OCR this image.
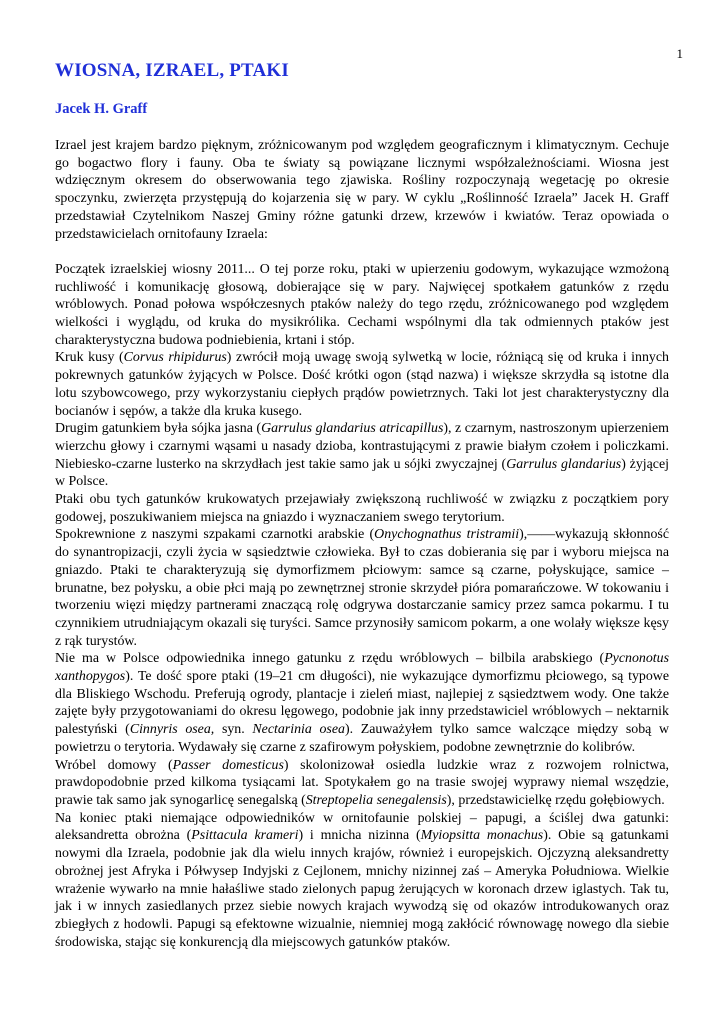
1
WIOSNA, IZRAEL, PTAKI
Jacek H. Graff

Izrael jest krajem bardzo pięknym, zróżnicowanym pod względem geograficznym i klimatycznym. Cechuje go bogactwo flory i fauny. Oba te światy są powiązane licznymi współzależnościami. Wiosna jest wdzięcznym okresem do obserwowania tego zjawiska. Rośliny rozpoczynają wegetację po okresie spoczynku, zwierzęta przystępują do kojarzenia się w pary. W cyklu „Roślinność Izraela” Jacek H. Graff przedstawiał Czytelnikom Naszej Gminy różne gatunki drzew, krzewów i kwiatów. Teraz opowiada o przedstawicielach ornitofauny Izraela:

Początek izraelskiej wiosny 2011... O tej porze roku, ptaki w upierzeniu godowym, wykazujące wzmożoną ruchliwość i komunikację głosową, dobierające się w pary. Najwięcej spotkałem gatunków z rzędu wróblowych. Ponad połowa współczesnych ptaków należy do tego rzędu, zróżnicowanego pod względem wielkości i wyglądu, od kruka do mysikrólika. Cechami wspólnymi dla tak odmiennych ptaków jest charakterystyczna budowa podniebienia, krtani i stóp.

Kruk kusy (Corvus rhipidurus) zwrócił moją uwagę swoją sylwetką w locie, różniącą się od kruka i innych pokrewnych gatunków żyjących w Polsce. Dość krótki ogon (stąd nazwa) i większe skrzydła są istotne dla lotu szybowcowego, przy wykorzystaniu ciepłych prądów powietrznych. Taki lot jest charakterystyczny dla bocianów i sępów, a także dla kruka kusego.

Drugim gatunkiem była sójka jasna (Garrulus glandarius atricapillus), z czarnym, nastroszonym upierzeniem wierzchu głowy i czarnymi wąsami u nasady dzioba, kontrastującymi z prawie białym czołem i policzkami. Niebiesko-czarne lusterko na skrzydłach jest takie samo jak u sójki zwyczajnej (Garrulus glandarius) żyjącej w Polsce.

Ptaki obu tych gatunków krukowatych przejawiały zwiększoną ruchliwość w związku z początkiem pory godowej, poszukiwaniem miejsca na gniazdo i wyznaczaniem swego terytorium.

Spokrewnione z naszymi szpakami czarnotki arabskie (Onychognathus tristramii),——wykazują skłonność do synantropizacji, czyli życia w sąsiedztwie człowieka. Był to czas dobierania się par i wyboru miejsca na gniazdo. Ptaki te charakteryzują się dymorfizmem płciowym: samce są czarne, połyskujące, samice – brunatne, bez połysku, a obie płci mają po zewnętrznej stronie skrzydeł pióra pomarańczowe. W tokowaniu i tworzeniu więzi między partnerami znaczącą rolę odgrywa dostarczanie samicy przez samca pokarmu. I tu czynnikiem utrudniającym okazali się turyści. Samce przynosiły samicom pokarm, a one wolały większe kęsy z rąk turystów.

Nie ma w Polsce odpowiednika innego gatunku z rzędu wróblowych – bilbila arabskiego (Pycnonotus xanthopygos). Te dość spore ptaki (19–21 cm długości), nie wykazujące dymorfizmu płciowego, są typowe dla Bliskiego Wschodu. Preferują ogrody, plantacje i zieleń miast, najlepiej z sąsiedztwem wody. One także zajęte były przygotowaniami do okresu lęgowego, podobnie jak inny przedstawiciel wróblowych – nektarnik palestyński (Cinnyris osea, syn. Nectarinia osea). Zauważyłem tylko samce walczące między sobą w powietrzu o terytoria. Wydawały się czarne z szafirowym połyskiem, podobne zewnętrznie do kolibrów.

Wróbel domowy (Passer domesticus) skolonizował osiedla ludzkie wraz z rozwojem rolnictwa, prawdopodobnie przed kilkoma tysiącami lat. Spotykałem go na trasie swojej wyprawy niemal wszędzie, prawie tak samo jak synogarlicę senegalską (Streptopelia senegalensis), przedstawicielkę rzędu gołębiowych.

Na koniec ptaki niemające odpowiedników w ornitofaunie polskiej – papugi, a ściślej dwa gatunki: aleksandretta obrożna (Psittacula krameri) i mnicha nizinna (Myiopsitta monachus). Obie są gatunkami nowymi dla Izraela, podobnie jak dla wielu innych krajów, również i europejskich. Ojczyzną aleksandretty obrożnej jest Afryka i Półwysep Indyjski z Cejlonem, mnichy nizinnej zaś – Ameryka Południowa. Wielkie wrażenie wywarło na mnie hałaśliwe stado zielonych papug żerujących w koronach drzew iglastych. Tak tu, jak i w innych zasiedlanych przez siebie nowych krajach wywodzą się od okazów introdukowanych oraz zbiegłych z hodowli. Papugi są efektowne wizualnie, niemniej mogą zakłócić równowagę nowego dla siebie środowiska, stając się konkurencją dla miejscowych gatunków ptaków.
